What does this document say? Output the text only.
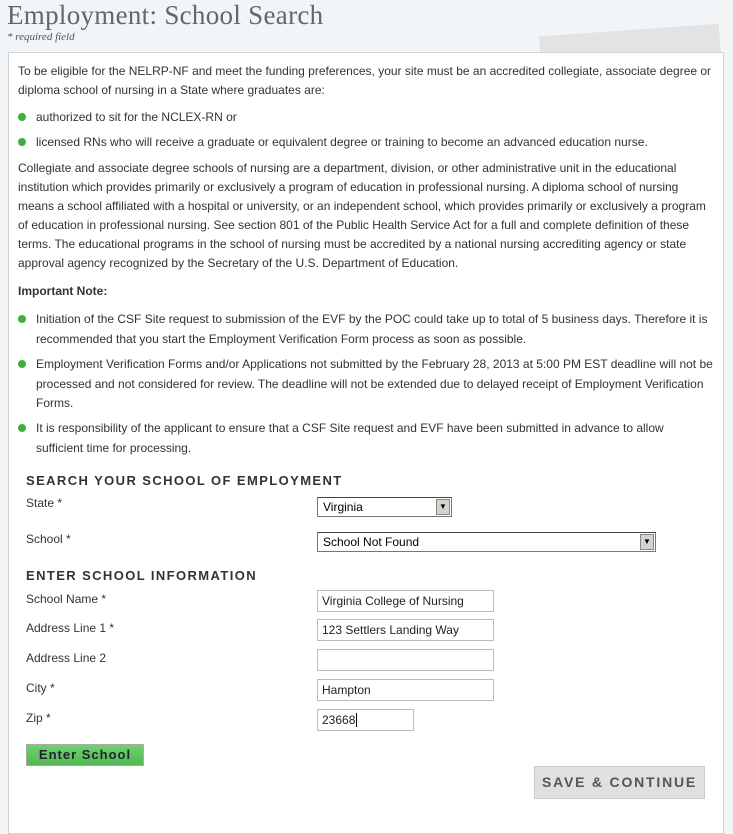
Employment: School Search
* required field
To be eligible for the NELRP-NF and meet the funding preferences, your site must be an accredited collegiate, associate degree or diploma school of nursing in a State where graduates are:
authorized to sit for the NCLEX-RN or
licensed RNs who will receive a graduate or equivalent degree or training to become an advanced education nurse.
Collegiate and associate degree schools of nursing are a department, division, or other administrative unit in the educational institution which provides primarily or exclusively a program of education in professional nursing. A diploma school of nursing means a school affiliated with a hospital or university, or an independent school, which provides primarily or exclusively a program of education in professional nursing. See section 801 of the Public Health Service Act for a full and complete definition of these terms. The educational programs in the school of nursing must be accredited by a national nursing accrediting agency or state approval agency recognized by the Secretary of the U.S. Department of Education.
Important Note:
Initiation of the CSF Site request to submission of the EVF by the POC could take up to total of 5 business days. Therefore it is recommended that you start the Employment Verification Form process as soon as possible.
Employment Verification Forms and/or Applications not submitted by the February 28, 2013 at 5:00 PM EST deadline will not be processed and not considered for review. The deadline will not be extended due to delayed receipt of Employment Verification Forms.
It is responsibility of the applicant to ensure that a CSF Site request and EVF have been submitted in advance to allow sufficient time for processing.
SEARCH YOUR SCHOOL OF EMPLOYMENT
State *	Virginia	▼
School *	School Not Found	▼
ENTER SCHOOL INFORMATION
School Name *	Virginia College of Nursing
Address Line 1 *	123 Settlers Landing Way
Address Line 2
City *	Hampton
Zip *	23668
Enter School
SAVE & CONTINUE
